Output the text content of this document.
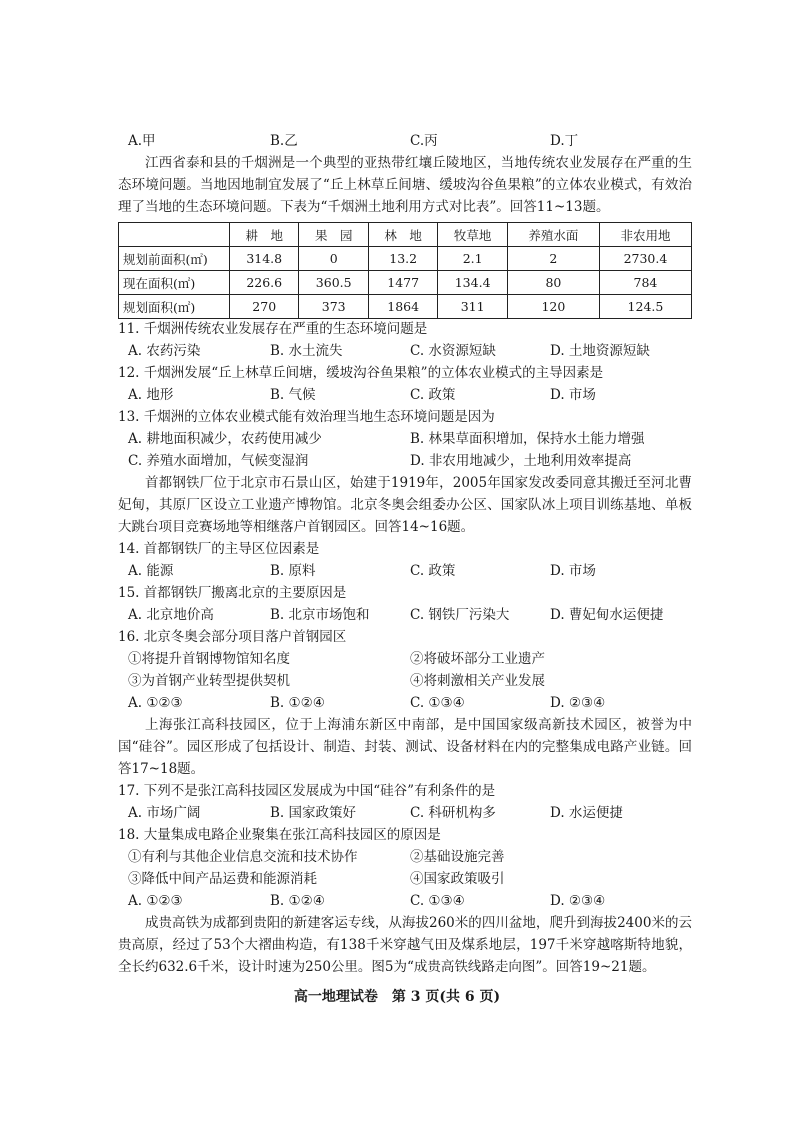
A.甲	B.乙	C.丙	D.丁
江西省泰和县的千烟洲是一个典型的亚热带红壤丘陵地区，当地传统农业发展存在严重的生态环境问题。当地因地制宜发展了“丘上林草丘间塘、缓坡沟谷鱼果粮”的立体农业模式，有效治理了当地的生态环境问题。下表为“千烟洲土地利用方式对比表”。回答11~13题。
	耕　地	果　园	林　地	牧草地	养殖水面	非农用地
规划前面积(㎡)	314.8	0	13.2	2.1	2	2730.4
现在面积(㎡)	226.6	360.5	1477	134.4	80	784
规划面积(㎡)	270	373	1864	311	120	124.5
11. 千烟洲传统农业发展存在严重的生态环境问题是
A. 农药污染	B. 水土流失	C. 水资源短缺	D. 土地资源短缺
12. 千烟洲发展“丘上林草丘间塘，缓坡沟谷鱼果粮”的立体农业模式的主导因素是
A. 地形	B. 气候	C. 政策	D. 市场
13. 千烟洲的立体农业模式能有效治理当地生态环境问题是因为
A. 耕地面积减少，农药使用减少	B. 林果草面积增加，保持水土能力增强
C. 养殖水面增加，气候变湿润	D. 非农用地减少，土地利用效率提高
首都钢铁厂位于北京市石景山区，始建于1919年，2005年国家发改委同意其搬迁至河北曹妃甸，其原厂区设立工业遗产博物馆。北京冬奥会组委办公区、国家队冰上项目训练基地、单板大跳台项目竞赛场地等相继落户首钢园区。回答14~16题。
14. 首都钢铁厂的主导区位因素是
A. 能源	B. 原料	C. 政策	D. 市场
15. 首都钢铁厂搬离北京的主要原因是
A. 北京地价高	B. 北京市场饱和	C. 钢铁厂污染大	D. 曹妃甸水运便捷
16. 北京冬奥会部分项目落户首钢园区
①将提升首钢博物馆知名度	②将破坏部分工业遗产
③为首钢产业转型提供契机	④将刺激相关产业发展
A. ①②③	B. ①②④	C. ①③④	D. ②③④
上海张江高科技园区，位于上海浦东新区中南部，是中国国家级高新技术园区，被誉为中国“硅谷”。园区形成了包括设计、制造、封装、测试、设备材料在内的完整集成电路产业链。回答17~18题。
17. 下列不是张江高科技园区发展成为中国“硅谷”有利条件的是
A. 市场广阔	B. 国家政策好	C. 科研机构多	D. 水运便捷
18. 大量集成电路企业聚集在张江高科技园区的原因是
①有利与其他企业信息交流和技术协作	②基础设施完善
③降低中间产品运费和能源消耗	④国家政策吸引
A. ①②③	B. ①②④	C. ①③④	D. ②③④
成贵高铁为成都到贵阳的新建客运专线，从海拔260米的四川盆地，爬升到海拔2400米的云贵高原，经过了53个大褶曲构造，有138千米穿越气田及煤系地层，197千米穿越喀斯特地貌，全长约632.6千米，设计时速为250公里。图5为“成贵高铁线路走向图”。回答19~21题。
高一地理试卷　第 3 页(共 6 页)
